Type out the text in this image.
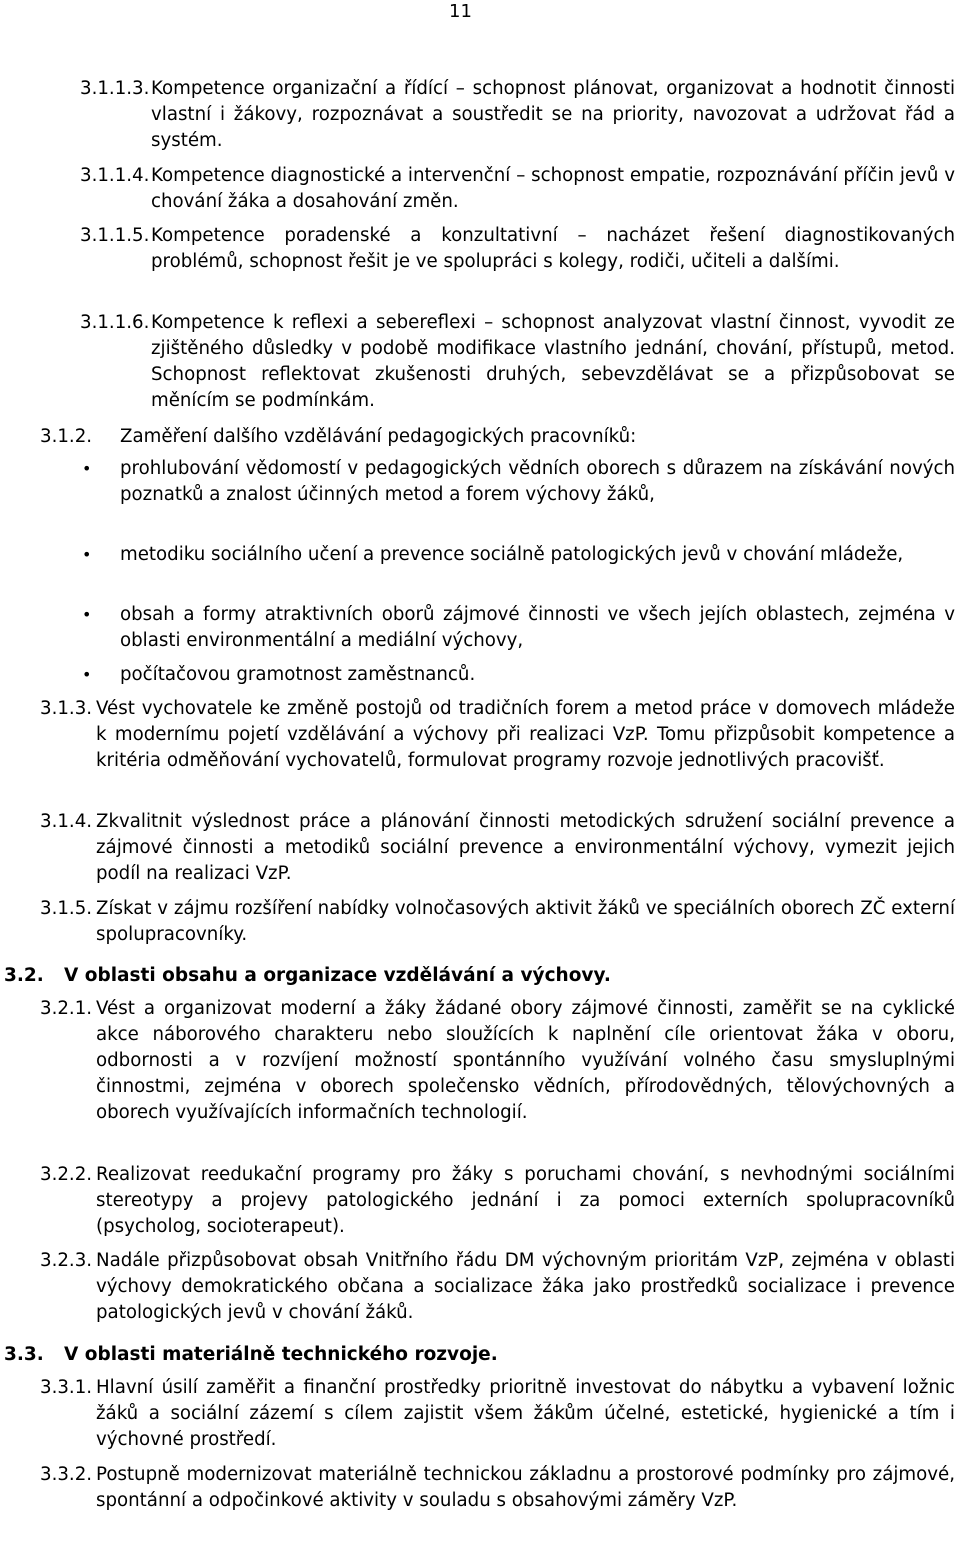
11
3.1.1.3. Kompetence organizační a řídící – schopnost plánovat, organizovat a hodnotit činnosti vlastní i žákovy, rozpoznávat a soustředit se na priority, navozovat a udržovat řád a systém.
3.1.1.4. Kompetence diagnostické a intervenční – schopnost empatie, rozpoznávání příčin jevů v chování žáka a dosahování změn.
3.1.1.5. Kompetence poradenské a konzultativní – nacházet řešení diagnostikovaných problémů, schopnost řešit je ve spolupráci s kolegy, rodiči, učiteli a dalšími.
3.1.1.6. Kompetence k reflexi a sebereflexi – schopnost analyzovat vlastní činnost, vyvodit ze zjištěného důsledky v podobě modifikace vlastního jednání, chování, přístupů, metod. Schopnost reflektovat zkušenosti druhých, sebevzdělávat se a přizpůsobovat se měnícím se podmínkám.
3.1.2. Zaměření dalšího vzdělávání pedagogických pracovníků:
• prohlubování vědomostí v pedagogických vědních oborech s důrazem na získávání nových poznatků a znalost účinných metod a forem výchovy žáků,
• metodiku sociálního učení a prevence sociálně patologických jevů v chování mládeže,
• obsah a formy atraktivních oborů zájmové činnosti ve všech jejích oblastech, zejména v oblasti environmentální a mediální výchovy,
• počítačovou gramotnost zaměstnanců.
3.1.3. Vést vychovatele ke změně postojů od tradičních forem a metod práce v domovech mládeže k modernímu pojetí vzdělávání a výchovy při realizaci VzP. Tomu přizpůsobit kompetence a kritéria odměňování vychovatelů, formulovat programy rozvoje jednotlivých pracovišť.
3.1.4. Zkvalitnit výslednost práce a plánování činnosti metodických sdružení sociální prevence a zájmové činnosti a metodiků sociální prevence a environmentální výchovy, vymezit jejich podíl na realizaci VzP.
3.1.5. Získat v zájmu rozšíření nabídky volnočasových aktivit žáků ve speciálních oborech ZČ externí spolupracovníky.
3.2. V oblasti obsahu a organizace vzdělávání a výchovy.
3.2.1. Vést a organizovat moderní a žáky žádané obory zájmové činnosti, zaměřit se na cyklické akce náborového charakteru nebo sloužících k naplnění cíle orientovat žáka v oboru, odbornosti a v rozvíjení možností spontánního využívání volného času smysluplnými činnostmi, zejména v oborech společensko vědních, přírodovědných, tělovýchovných a oborech využívajících informačních technologií.
3.2.2. Realizovat reedukační programy pro žáky s poruchami chování, s nevhodnými sociálními stereotypy a projevy patologického jednání i za pomoci externích spolupracovníků (psycholog, socioterapeut).
3.2.3. Nadále přizpůsobovat obsah Vnitřního řádu DM výchovným prioritám VzP, zejména v oblasti výchovy demokratického občana a socializace žáka jako prostředků socializace i prevence patologických jevů v chování žáků.
3.3. V oblasti materiálně technického rozvoje.
3.3.1. Hlavní úsilí zaměřit a finanční prostředky prioritně investovat do nábytku a vybavení ložnic žáků a sociální zázemí s cílem zajistit všem žákům účelné, estetické, hygienické a tím i výchovné prostředí.
3.3.2. Postupně modernizovat materiálně technickou základnu a prostorové podmínky pro zájmové, spontánní a odpočinkové aktivity v souladu s obsahovými záměry VzP.
